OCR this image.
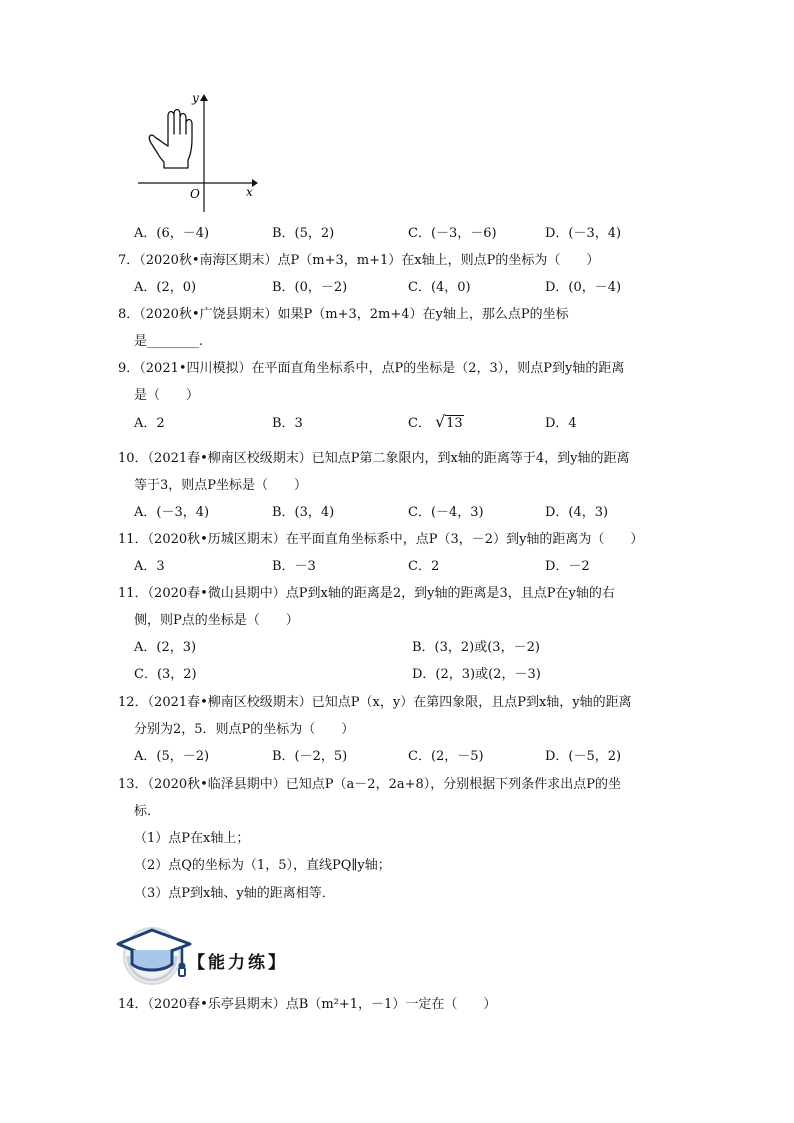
O	x
y
A．(6，－4)	B．(5，2)	C．(－3，－6)	D．(－3，4)
7．（2020秋•南海区期末）点P（m+3，m+1）在x轴上，则点P的坐标为（　　）
A．(2，0)	B．(0，－2)	C．(4，0)	D．(0，－4)
8．（2020秋•广饶县期末）如果P（m+3，2m+4）在y轴上，那么点P的坐标
是________.
9．（2021•四川模拟）在平面直角坐标系中，点P的坐标是（2，3），则点P到y轴的距离
是（　　）
A．2	B．3	C． √ 13	D．4
10．（2021春•柳南区校级期末）已知点P第二象限内，到x轴的距离等于4，到y轴的距离
等于3，则点P坐标是（　　）
A．(－3，4)	B．(3，4)	C．(－4，3)	D．(4，3)
11．（2020秋•历城区期末）在平面直角坐标系中，点P（3，－2）到y轴的距离为（　　）
A．3	B．－3	C．2	D．－2
11．（2020春•微山县期中）点P到x轴的距离是2，到y轴的距离是3，且点P在y轴的右
侧，则P点的坐标是（　　）
A．(2，3)	B．(3，2)或(3，－2)
C．(3，2)	D．(2，3)或(2，－3)
12．（2021春•柳南区校级期末）已知点P（x，y）在第四象限，且点P到x轴，y轴的距离
分别为2，5．则点P的坐标为（　　）
A．(5，－2)	B．(－2，5)	C．(2，－5)	D．(－5，2)
13．（2020秋•临泽县期中）已知点P（a－2，2a+8），分别根据下列条件求出点P的坐
标．
（1）点P在x轴上；
（2）点Q的坐标为（1，5），直线PQ∥y轴；
（3）点P到x轴、y轴的距离相等．
【能力练】
14．（2020春•乐亭县期末）点B（m²+1，－1）一定在（　　）
